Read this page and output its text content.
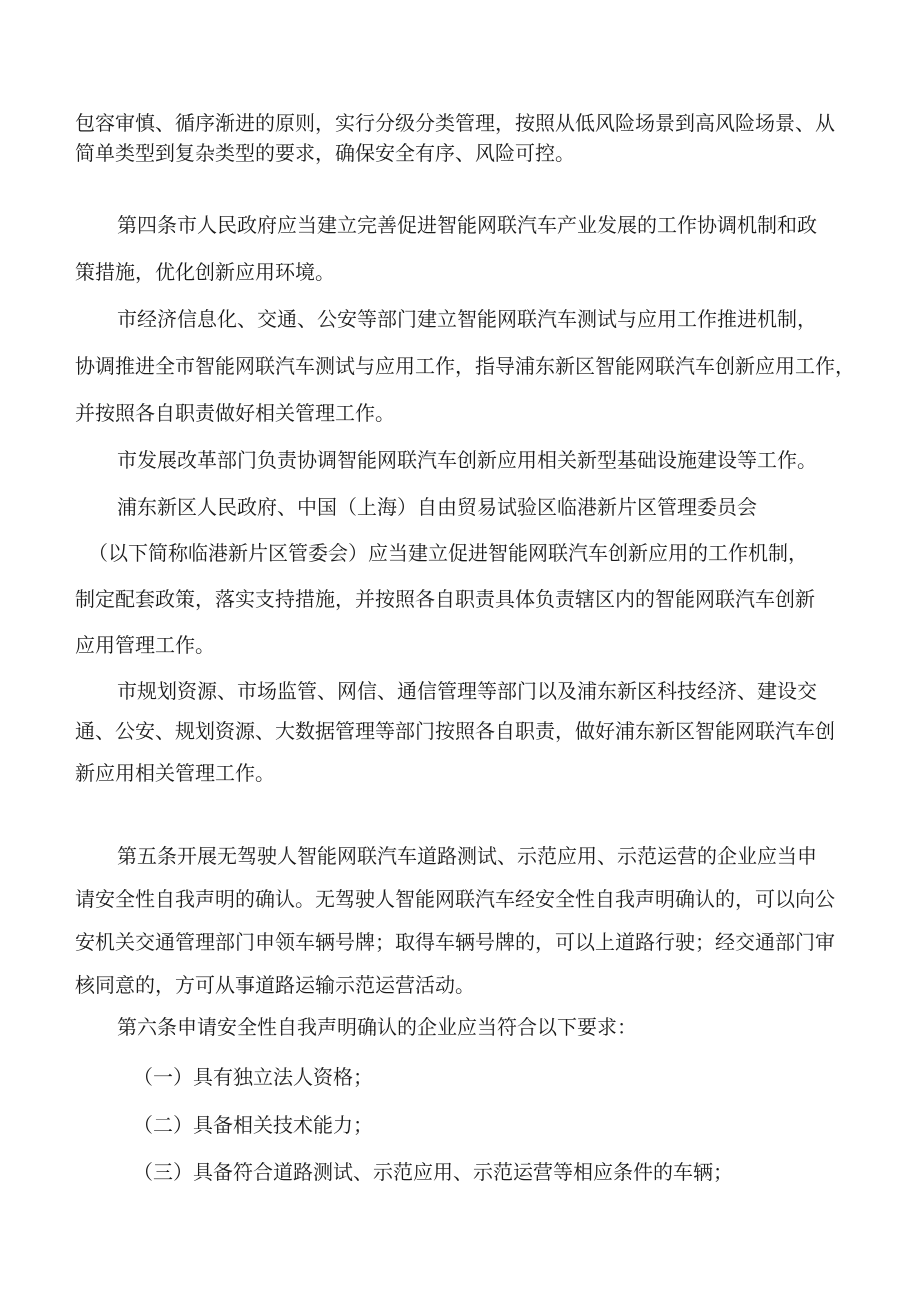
包容审慎、循序渐进的原则，实行分级分类管理，按照从低风险场景到高风险场景、从
简单类型到复杂类型的要求，确保安全有序、风险可控。
第四条市人民政府应当建立完善促进智能网联汽车产业发展的工作协调机制和政
策措施，优化创新应用环境。
市经济信息化、交通、公安等部门建立智能网联汽车测试与应用工作推进机制，
协调推进全市智能网联汽车测试与应用工作，指导浦东新区智能网联汽车创新应用工作，
并按照各自职责做好相关管理工作。
市发展改革部门负责协调智能网联汽车创新应用相关新型基础设施建设等工作。
浦东新区人民政府、中国（上海）自由贸易试验区临港新片区管理委员会
（以下简称临港新片区管委会）应当建立促进智能网联汽车创新应用的工作机制，
制定配套政策，落实支持措施，并按照各自职责具体负责辖区内的智能网联汽车创新
应用管理工作。
市规划资源、市场监管、网信、通信管理等部门以及浦东新区科技经济、建设交
通、公安、规划资源、大数据管理等部门按照各自职责，做好浦东新区智能网联汽车创
新应用相关管理工作。
第五条开展无驾驶人智能网联汽车道路测试、示范应用、示范运营的企业应当申
请安全性自我声明的确认。无驾驶人智能网联汽车经安全性自我声明确认的，可以向公
安机关交通管理部门申领车辆号牌；取得车辆号牌的，可以上道路行驶；经交通部门审
核同意的，方可从事道路运输示范运营活动。
第六条申请安全性自我声明确认的企业应当符合以下要求：
（一）具有独立法人资格；
（二）具备相关技术能力；
（三）具备符合道路测试、示范应用、示范运营等相应条件的车辆；
